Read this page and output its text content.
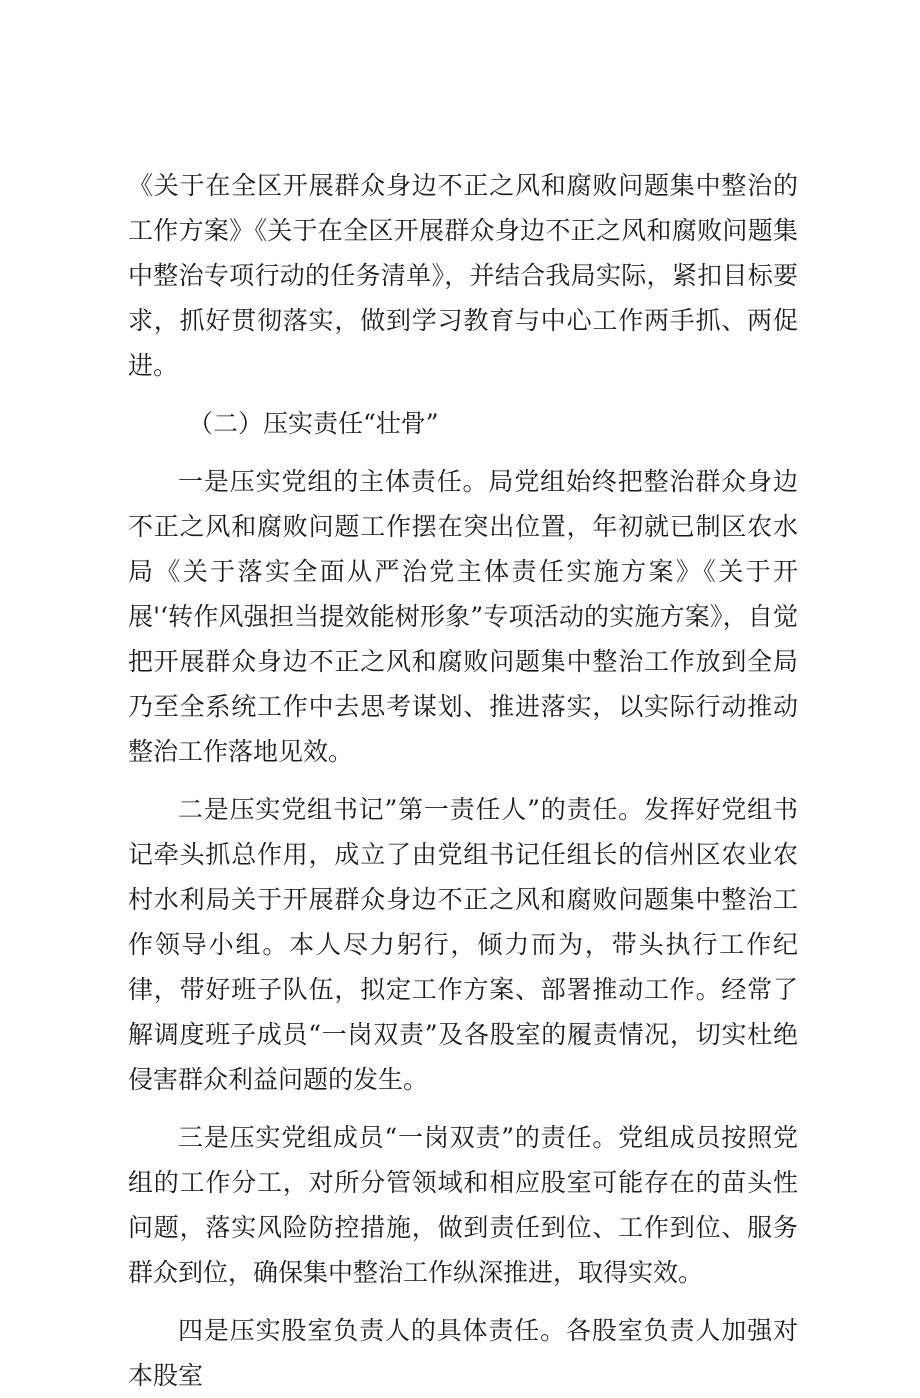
《关于在全区开展群众身边不正之风和腐败问题集中整治的工作方案》《关于在全区开展群众身边不正之风和腐败问题集中整治专项行动的任务清单》，并结合我局实际，紧扣目标要求，抓好贯彻落实，做到学习教育与中心工作两手抓、两促进。

（二）压实责任“壮骨”

一是压实党组的主体责任。局党组始终把整治群众身边不正之风和腐败问题工作摆在突出位置，年初就已制区农水局《关于落实全面从严治党主体责任实施方案》《关于开展'‘转作风强担当提效能树形象”专项活动的实施方案》，自觉把开展群众身边不正之风和腐败问题集中整治工作放到全局乃至全系统工作中去思考谋划、推进落实，以实际行动推动整治工作落地见效。

二是压实党组书记”第一责任人”的责任。发挥好党组书记牵头抓总作用，成立了由党组书记任组长的信州区农业农村水利局关于开展群众身边不正之风和腐败问题集中整治工作领导小组。本人尽力躬行，倾力而为，带头执行工作纪律，带好班子队伍，拟定工作方案、部署推动工作。经常了解调度班子成员“一岗双责”及各股室的履责情况，切实杜绝侵害群众利益问题的发生。

三是压实党组成员“一岗双责”的责任。党组成员按照党组的工作分工，对所分管领域和相应股室可能存在的苗头性问题，落实风险防控措施，做到责任到位、工作到位、服务群众到位，确保集中整治工作纵深推进，取得实效。

四是压实股室负责人的具体责任。各股室负责人加强对本股室
